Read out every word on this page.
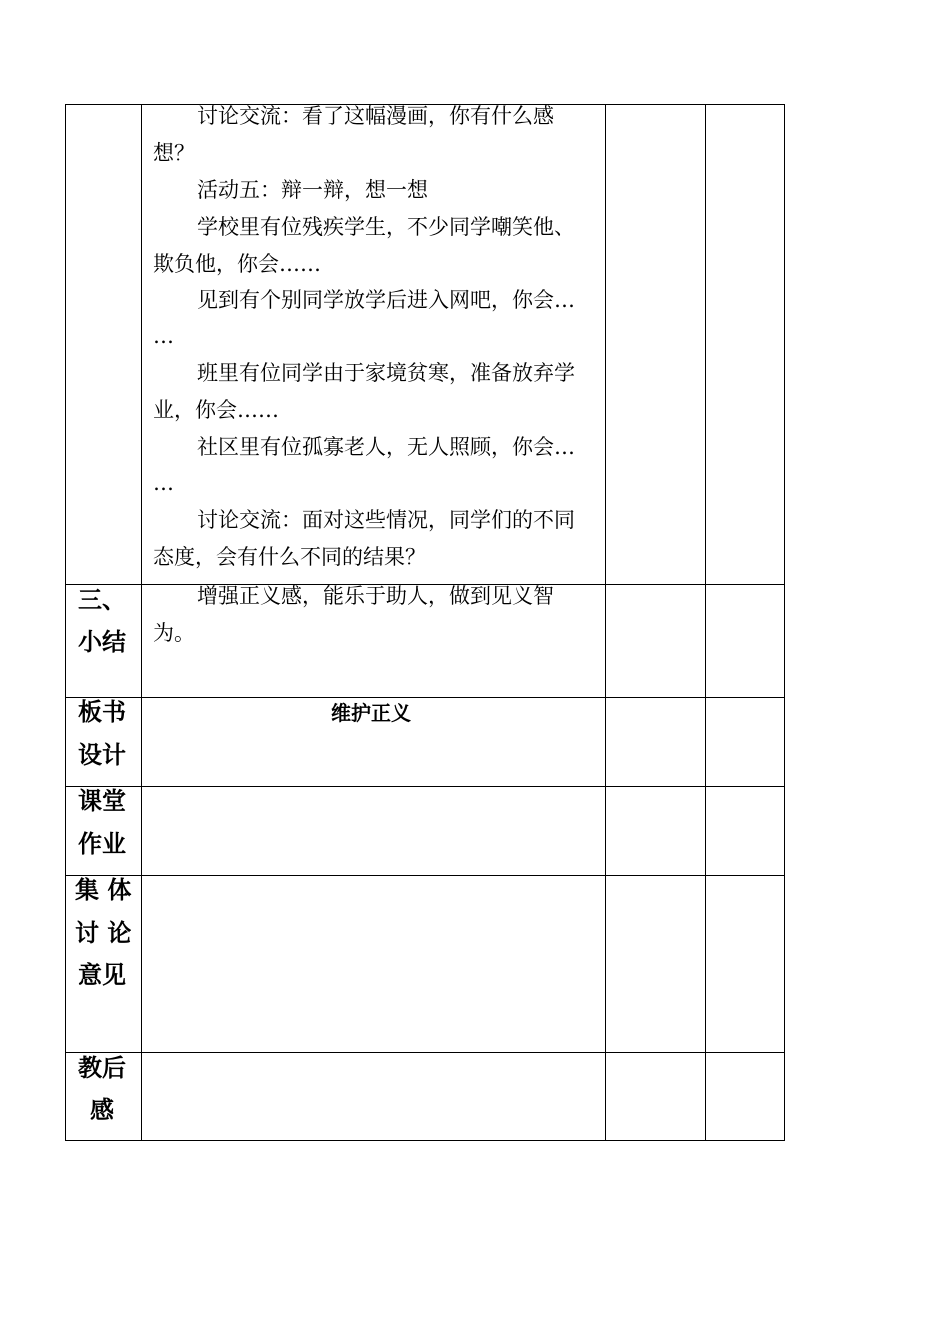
讨论交流：看了这幅漫画，你有什么感
想？
活动五：辩一辩，想一想
学校里有位残疾学生，不少同学嘲笑他、
欺负他，你会……
见到有个别同学放学后进入网吧，你会…
…
班里有位同学由于家境贫寒，准备放弃学
业，你会……
社区里有位孤寡老人，无人照顾，你会…
…
讨论交流：面对这些情况，同学们的不同
态度，会有什么不同的结果？
三、
小结
增强正义感，能乐于助人，做到见义智
为。
板书
设计
维护正义
课堂
作业
集 体
讨 论
意见
教后
感
